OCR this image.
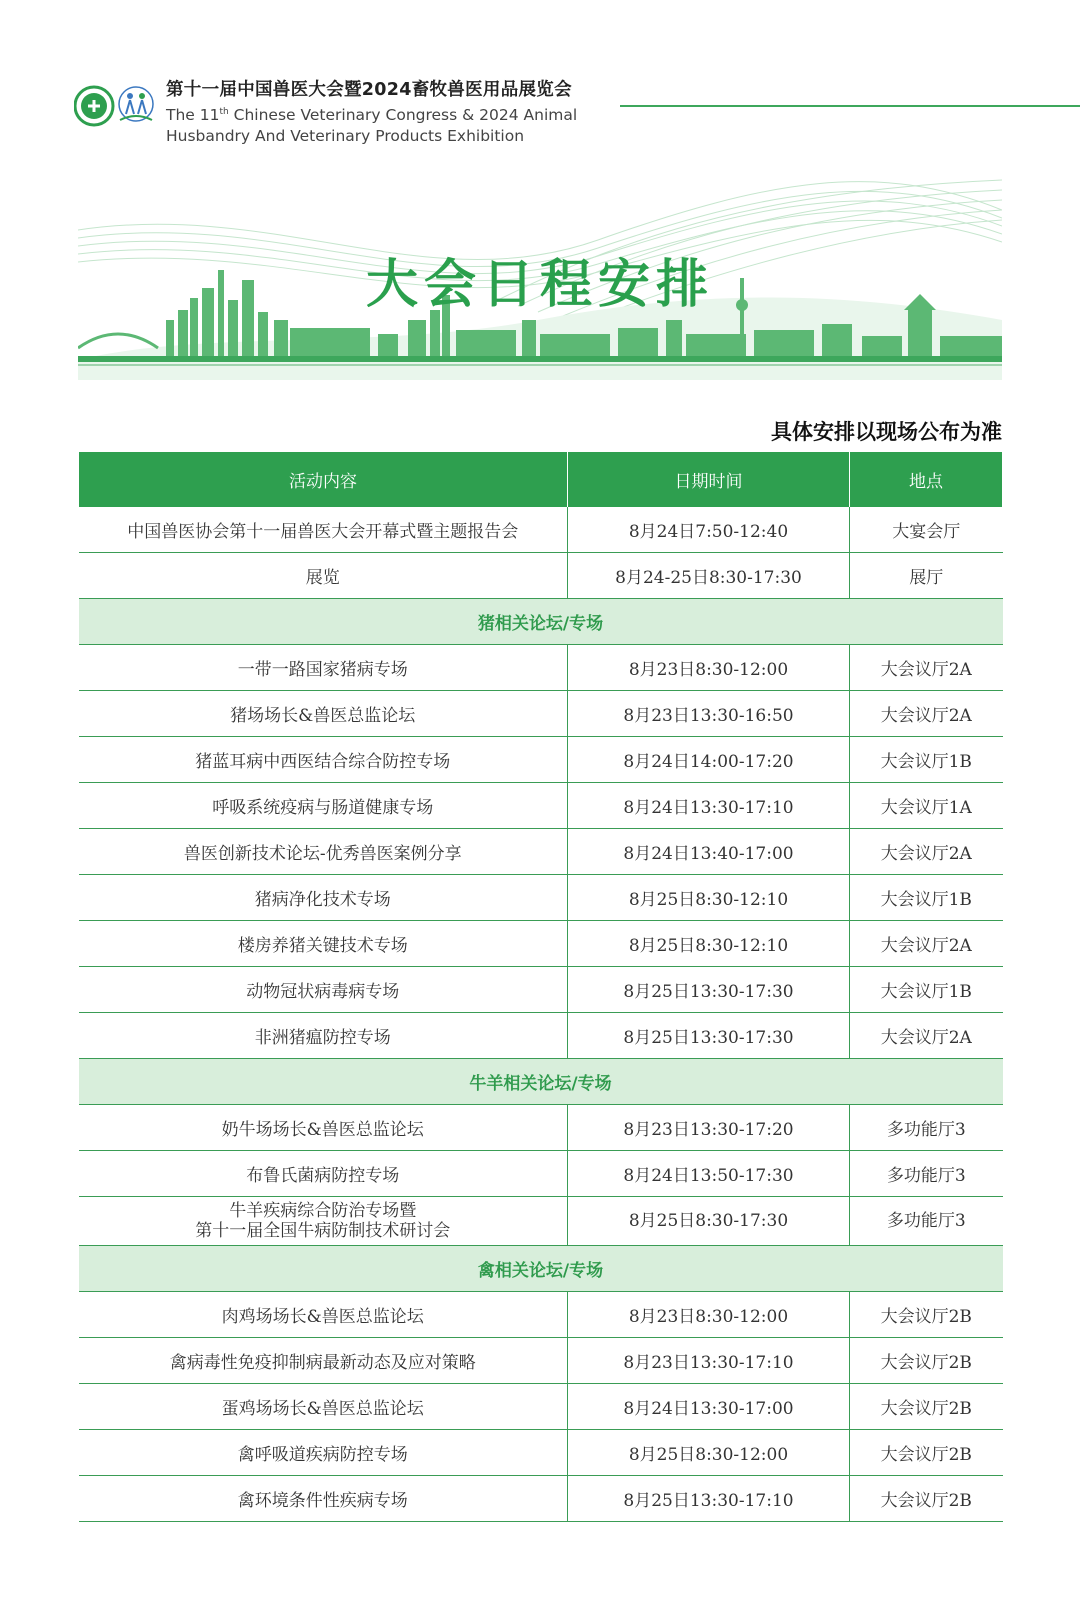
第十一届中国兽医大会暨2024畜牧兽医用品展览会
The 11th Chinese Veterinary Congress & 2024 Animal
Husbandry And Veterinary Products Exhibition
大会日程安排
具体安排以现场公布为准
活动内容	日期时间	地点
中国兽医协会第十一届兽医大会开幕式暨主题报告会	8月24日7:50-12:40	大宴会厅
展览	8月24-25日8:30-17:30	展厅
猪相关论坛/专场		
一带一路国家猪病专场	8月23日8:30-12:00	大会议厅2A
猪场场长&兽医总监论坛	8月23日13:30-16:50	大会议厅2A
猪蓝耳病中西医结合综合防控专场	8月24日14:00-17:20	大会议厅1B
呼吸系统疫病与肠道健康专场	8月24日13:30-17:10	大会议厅1A
兽医创新技术论坛-优秀兽医案例分享	8月24日13:40-17:00	大会议厅2A
猪病净化技术专场	8月25日8:30-12:10	大会议厅1B
楼房养猪关键技术专场	8月25日8:30-12:10	大会议厅2A
动物冠状病毒病专场	8月25日13:30-17:30	大会议厅1B
非洲猪瘟防控专场	8月25日13:30-17:30	大会议厅2A
牛羊相关论坛/专场		
奶牛场场长&兽医总监论坛	8月23日13:30-17:20	多功能厅3
布鲁氏菌病防控专场	8月24日13:50-17:30	多功能厅3
牛羊疾病综合防治专场暨
第十一届全国牛病防制技术研讨会	8月25日8:30-17:30	多功能厅3
禽相关论坛/专场		
肉鸡场场长&兽医总监论坛	8月23日8:30-12:00	大会议厅2B
禽病毒性免疫抑制病最新动态及应对策略	8月23日13:30-17:10	大会议厅2B
蛋鸡场场长&兽医总监论坛	8月24日13:30-17:00	大会议厅2B
禽呼吸道疾病防控专场	8月25日8:30-12:00	大会议厅2B
禽环境条件性疾病专场	8月25日13:30-17:10	大会议厅2B
